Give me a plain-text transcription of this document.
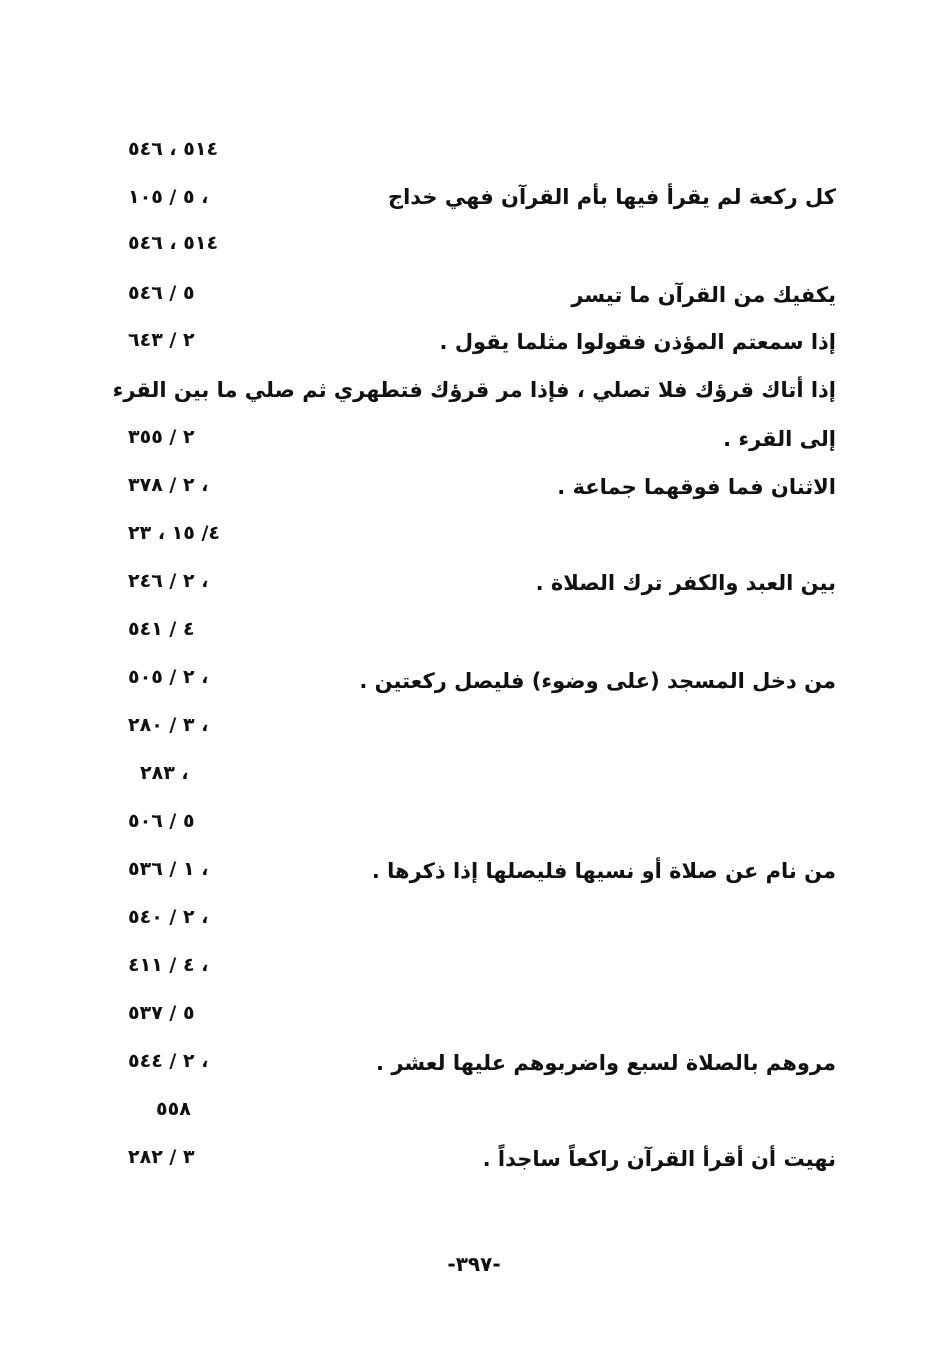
٥١٤ ، ٥٤٦
كل ركعة لم يقرأ فيها بأم القرآن فهي خداج
٥ / ١٠٥ ،
٥١٤ ، ٥٤٦
يكفيك من القرآن ما تيسر
٥ / ٥٤٦
إذا سمعتم المؤذن فقولوا مثلما يقول .
٢ / ٦٤٣
إذا أتاك قرؤك فلا تصلي ، فإذا مر قرؤك فتطهري ثم صلي ما بين القرء
إلى القرء .
٢ / ٣٥٥
الاثنان فما فوقهما جماعة .
٢ / ٣٧٨ ،
٤/ ١٥ ، ٢٣
بين العبد والكفر ترك الصلاة .
٢ / ٢٤٦ ،
٤ / ٥٤١
من دخل المسجد (على وضوء) فليصل ركعتين .
٢ / ٥٠٥ ،
٣ / ٢٨٠ ،
٢٨٣ ،
٥ / ٥٠٦
من نام عن صلاة أو نسيها فليصلها إذا ذكرها .
١ / ٥٣٦ ،
٢ / ٥٤٠ ،
٤ / ٤١١ ،
٥ / ٥٣٧
مروهم بالصلاة لسبع واضربوهم عليها لعشر .
٢ / ٥٤٤ ،
٥٥٨
نهيت أن أقرأ القرآن راكعاً ساجداً .
٣ / ٢٨٢
-٣٩٧-
